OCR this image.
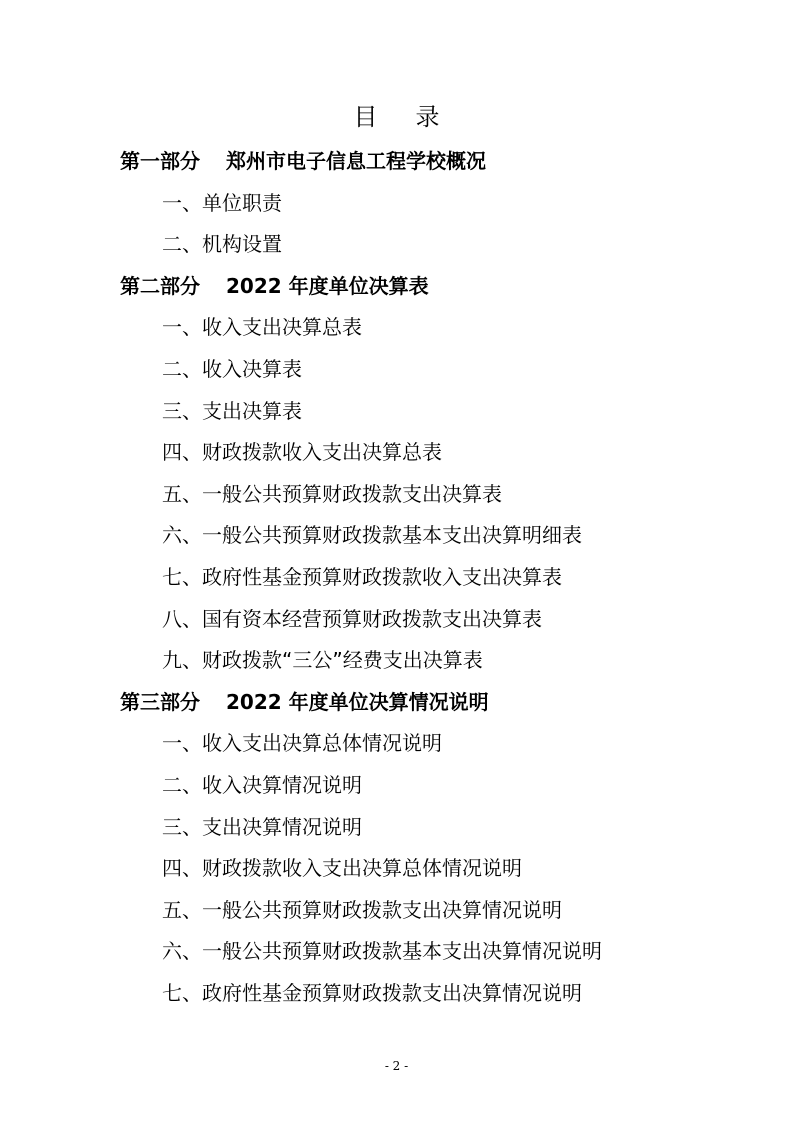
目录
第一部分 郑州市电子信息工程学校概况
一、单位职责
二、机构设置
第二部分 2022 年度单位决算表
一、收入支出决算总表
二、收入决算表
三、支出决算表
四、财政拨款收入支出决算总表
五、一般公共预算财政拨款支出决算表
六、一般公共预算财政拨款基本支出决算明细表
七、政府性基金预算财政拨款收入支出决算表
八、国有资本经营预算财政拨款支出决算表
九、财政拨款“三公”经费支出决算表
第三部分 2022 年度单位决算情况说明
一、收入支出决算总体情况说明
二、收入决算情况说明
三、支出决算情况说明
四、财政拨款收入支出决算总体情况说明
五、一般公共预算财政拨款支出决算情况说明
六、一般公共预算财政拨款基本支出决算情况说明
七、政府性基金预算财政拨款支出决算情况说明
- 2 -
